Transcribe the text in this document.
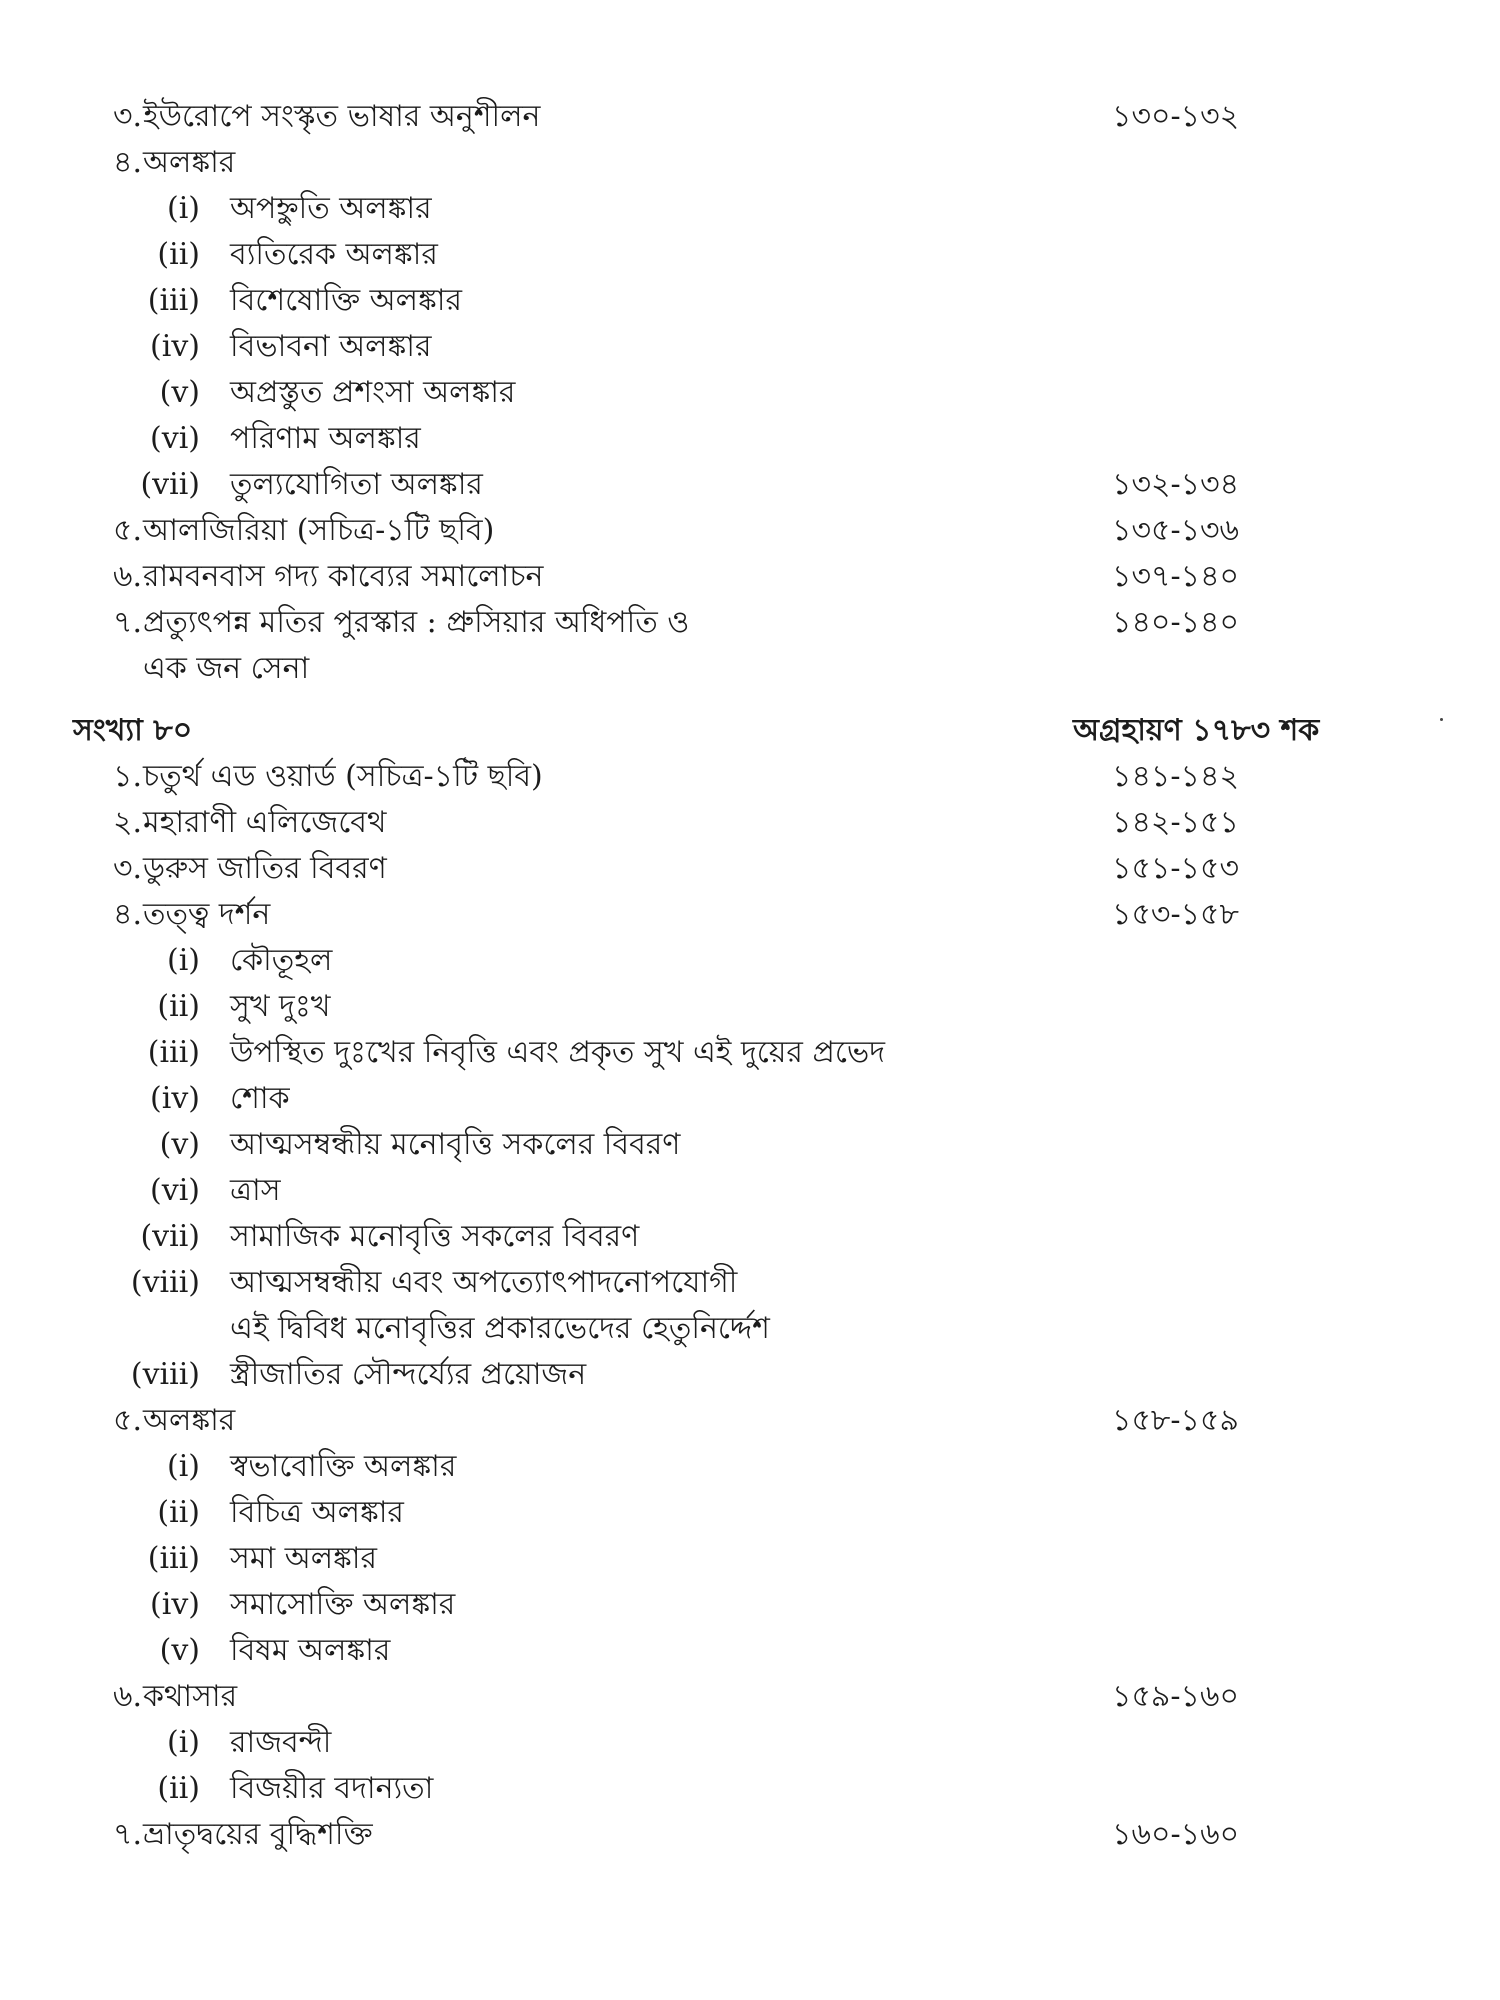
৩. ইউরোপে সংস্কৃত ভাষার অনুশীলন	১৩০-১৩২
৪. অলঙ্কার
(i) অপহ্নুতি অলঙ্কার
(ii) ব্যতিরেক অলঙ্কার
(iii) বিশেষোক্তি অলঙ্কার
(iv) বিভাবনা অলঙ্কার
(v) অপ্রস্তুত প্রশংসা অলঙ্কার
(vi) পরিণাম অলঙ্কার
(vii) তুল্যযোগিতা অলঙ্কার	১৩২-১৩৪
৫. আলজিরিয়া (সচিত্র-১টি ছবি)	১৩৫-১৩৬
৬. রামবনবাস গদ্য কাব্যের সমালোচন	১৩৭-১৪০
৭. প্রত্যুৎপন্ন মতির পুরস্কার : প্রুসিয়ার অধিপতি ও	১৪০-১৪০
এক জন সেনা
সংখ্যা ৮০	অগ্রহায়ণ ১৭৮৩ শক
১. চতুর্থ এড ওয়ার্ড (সচিত্র-১টি ছবি)	১৪১-১৪২
২. মহারাণী এলিজেবেথ	১৪২-১৫১
৩. ডুরুস জাতির বিবরণ	১৫১-১৫৩
৪. তত্ত্ব দর্শন	১৫৩-১৫৮
(i) কৌতূহল
(ii) সুখ দুঃখ
(iii) উপস্থিত দুঃখের নিবৃত্তি এবং প্রকৃত সুখ এই দুয়ের প্রভেদ
(iv) শোক
(v) আত্মসম্বন্ধীয় মনোবৃত্তি সকলের বিবরণ
(vi) ত্রাস
(vii) সামাজিক মনোবৃত্তি সকলের বিবরণ
(viii) আত্মসম্বন্ধীয় এবং অপত্যোৎপাদনোপযোগী
এই দ্বিবিধ মনোবৃত্তির প্রকারভেদের হেতুনির্দ্দেশ
(viii) স্ত্রীজাতির সৌন্দর্য্যের প্রয়োজন
৫. অলঙ্কার	১৫৮-১৫৯
(i) স্বভাবোক্তি অলঙ্কার
(ii) বিচিত্র অলঙ্কার
(iii) সমা অলঙ্কার
(iv) সমাসোক্তি অলঙ্কার
(v) বিষম অলঙ্কার
৬. কথাসার	১৫৯-১৬০
(i) রাজবন্দী
(ii) বিজয়ীর বদান্যতা
৭. ভ্রাতৃদ্বয়ের বুদ্ধিশক্তি	১৬০-১৬০
